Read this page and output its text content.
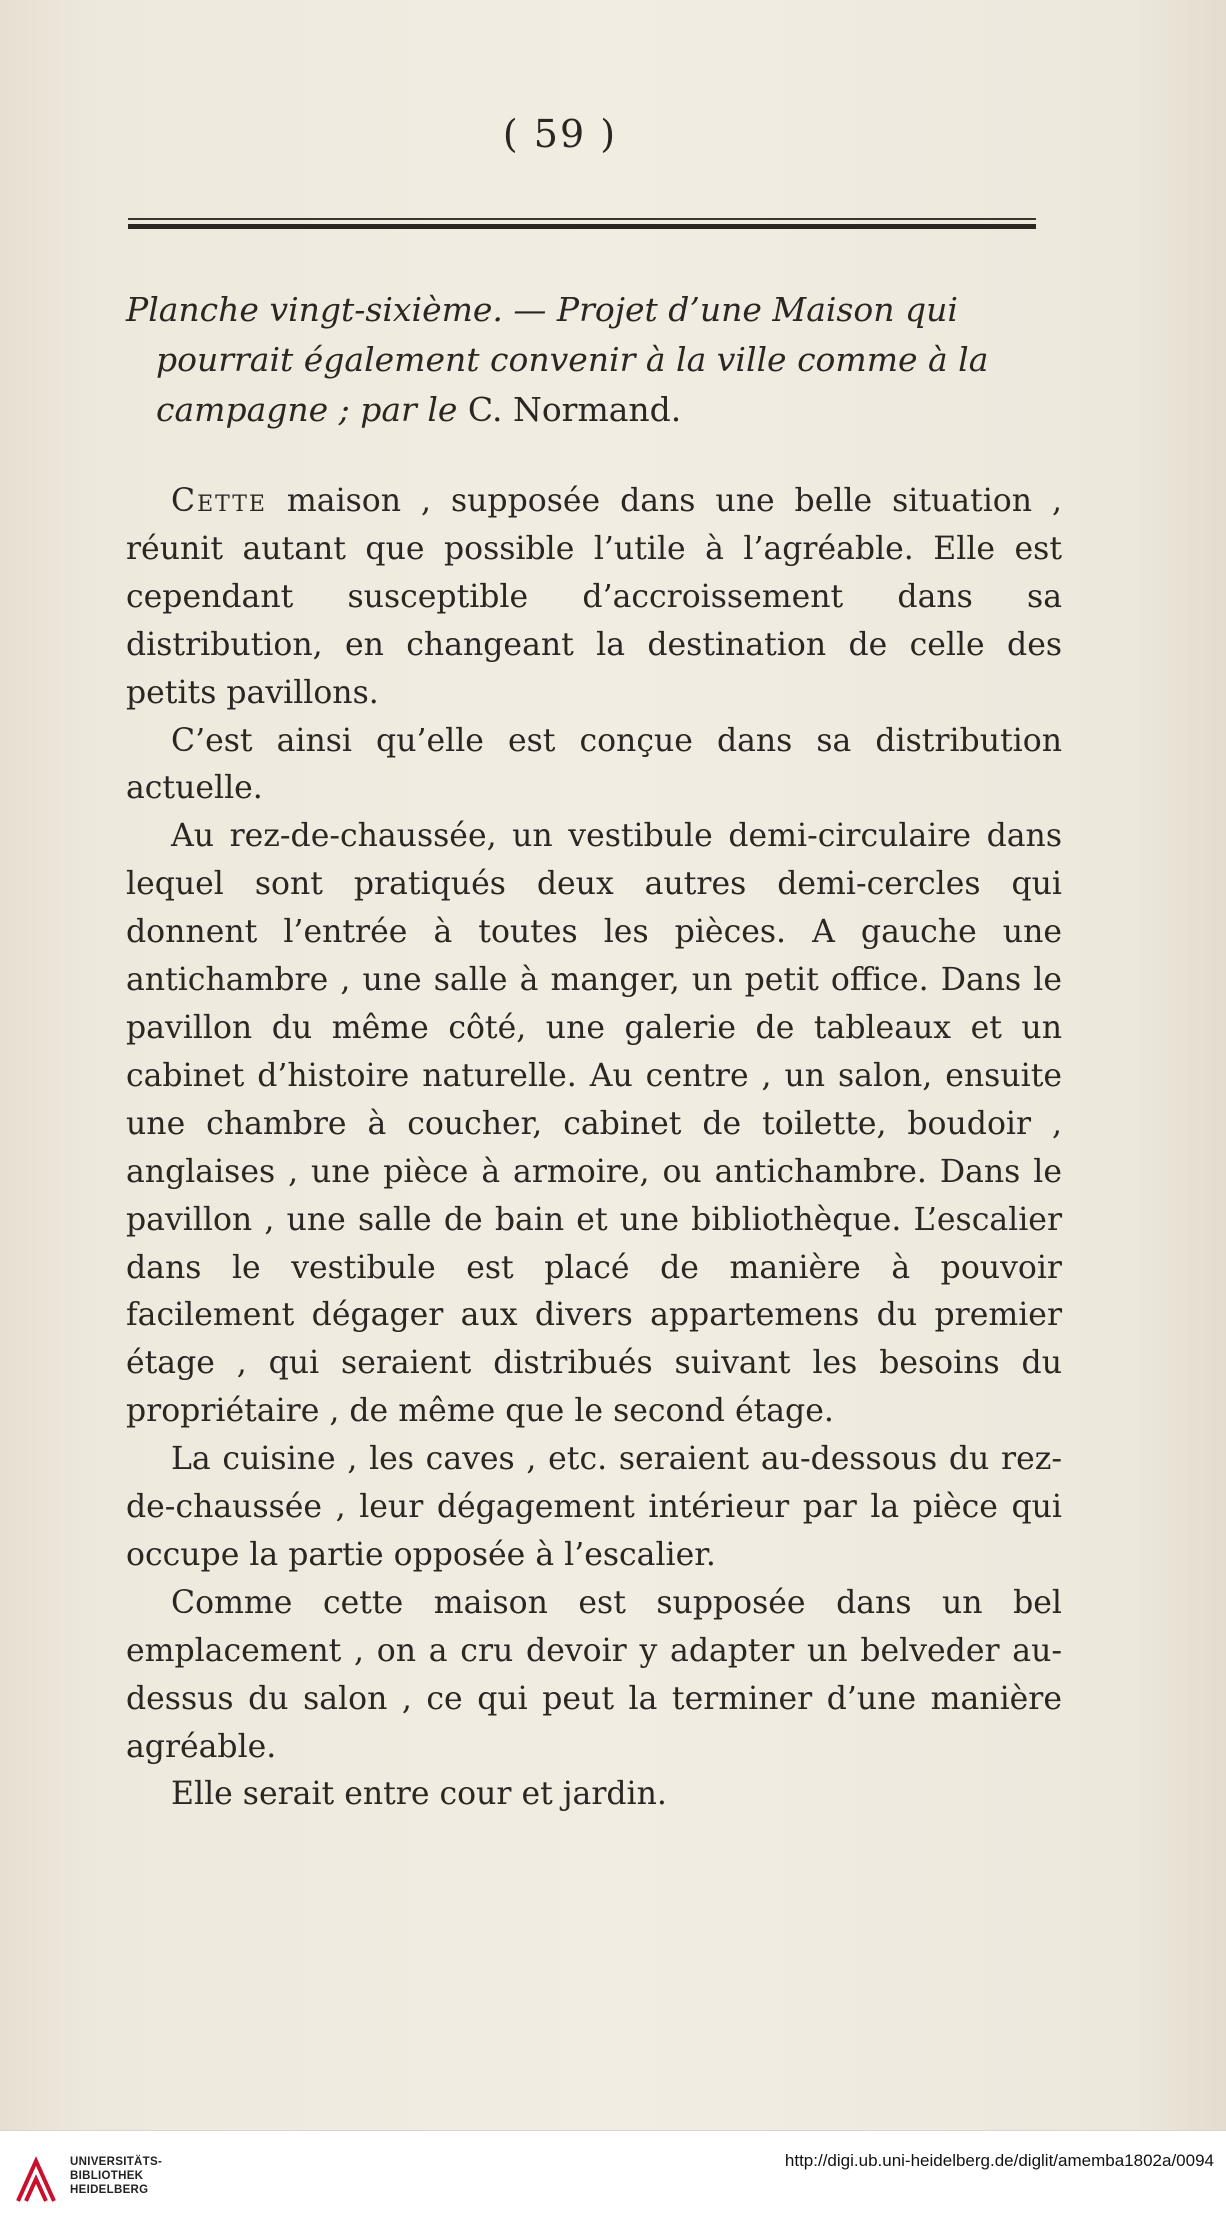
( 59 )
Planche vingt-sixième. — Projet d’une Maison qui
pourrait également convenir à la ville comme à la
campagne ; par le C. Normand.

Cette maison , supposée dans une belle situation , réunit autant que possible l’utile à l’agréable. Elle est cependant susceptible d’accroissement dans sa distribution, en changeant la destination de celle des petits pavillons.

C’est ainsi qu’elle est conçue dans sa distribution actuelle.

Au rez-de-chaussée, un vestibule demi-circulaire dans lequel sont pratiqués deux autres demi-cercles qui donnent l’entrée à toutes les pièces. A gauche une antichambre , une salle à manger, un petit office. Dans le pavillon du même côté, une galerie de tableaux et un cabinet d’histoire naturelle. Au centre , un salon, ensuite une chambre à coucher, cabinet de toilette, boudoir , anglaises , une pièce à armoire, ou antichambre. Dans le pavillon , une salle de bain et une bibliothèque. L’escalier dans le vestibule est placé de manière à pouvoir facilement dégager aux divers appartemens du premier étage , qui seraient distribués suivant les besoins du propriétaire , de même que le second étage.

La cuisine , les caves , etc. seraient au-dessous du rez-de-chaussée , leur dégagement intérieur par la pièce qui occupe la partie opposée à l’escalier.

Comme cette maison est supposée dans un bel emplacement , on a cru devoir y adapter un belveder au-dessus du salon , ce qui peut la terminer d’une manière agréable.

Elle serait entre cour et jardin.

UNIVERSITÄTS-
BIBLIOTHEK
HEIDELBERG
http://digi.ub.uni-heidelberg.de/diglit/amemba1802a/0094
